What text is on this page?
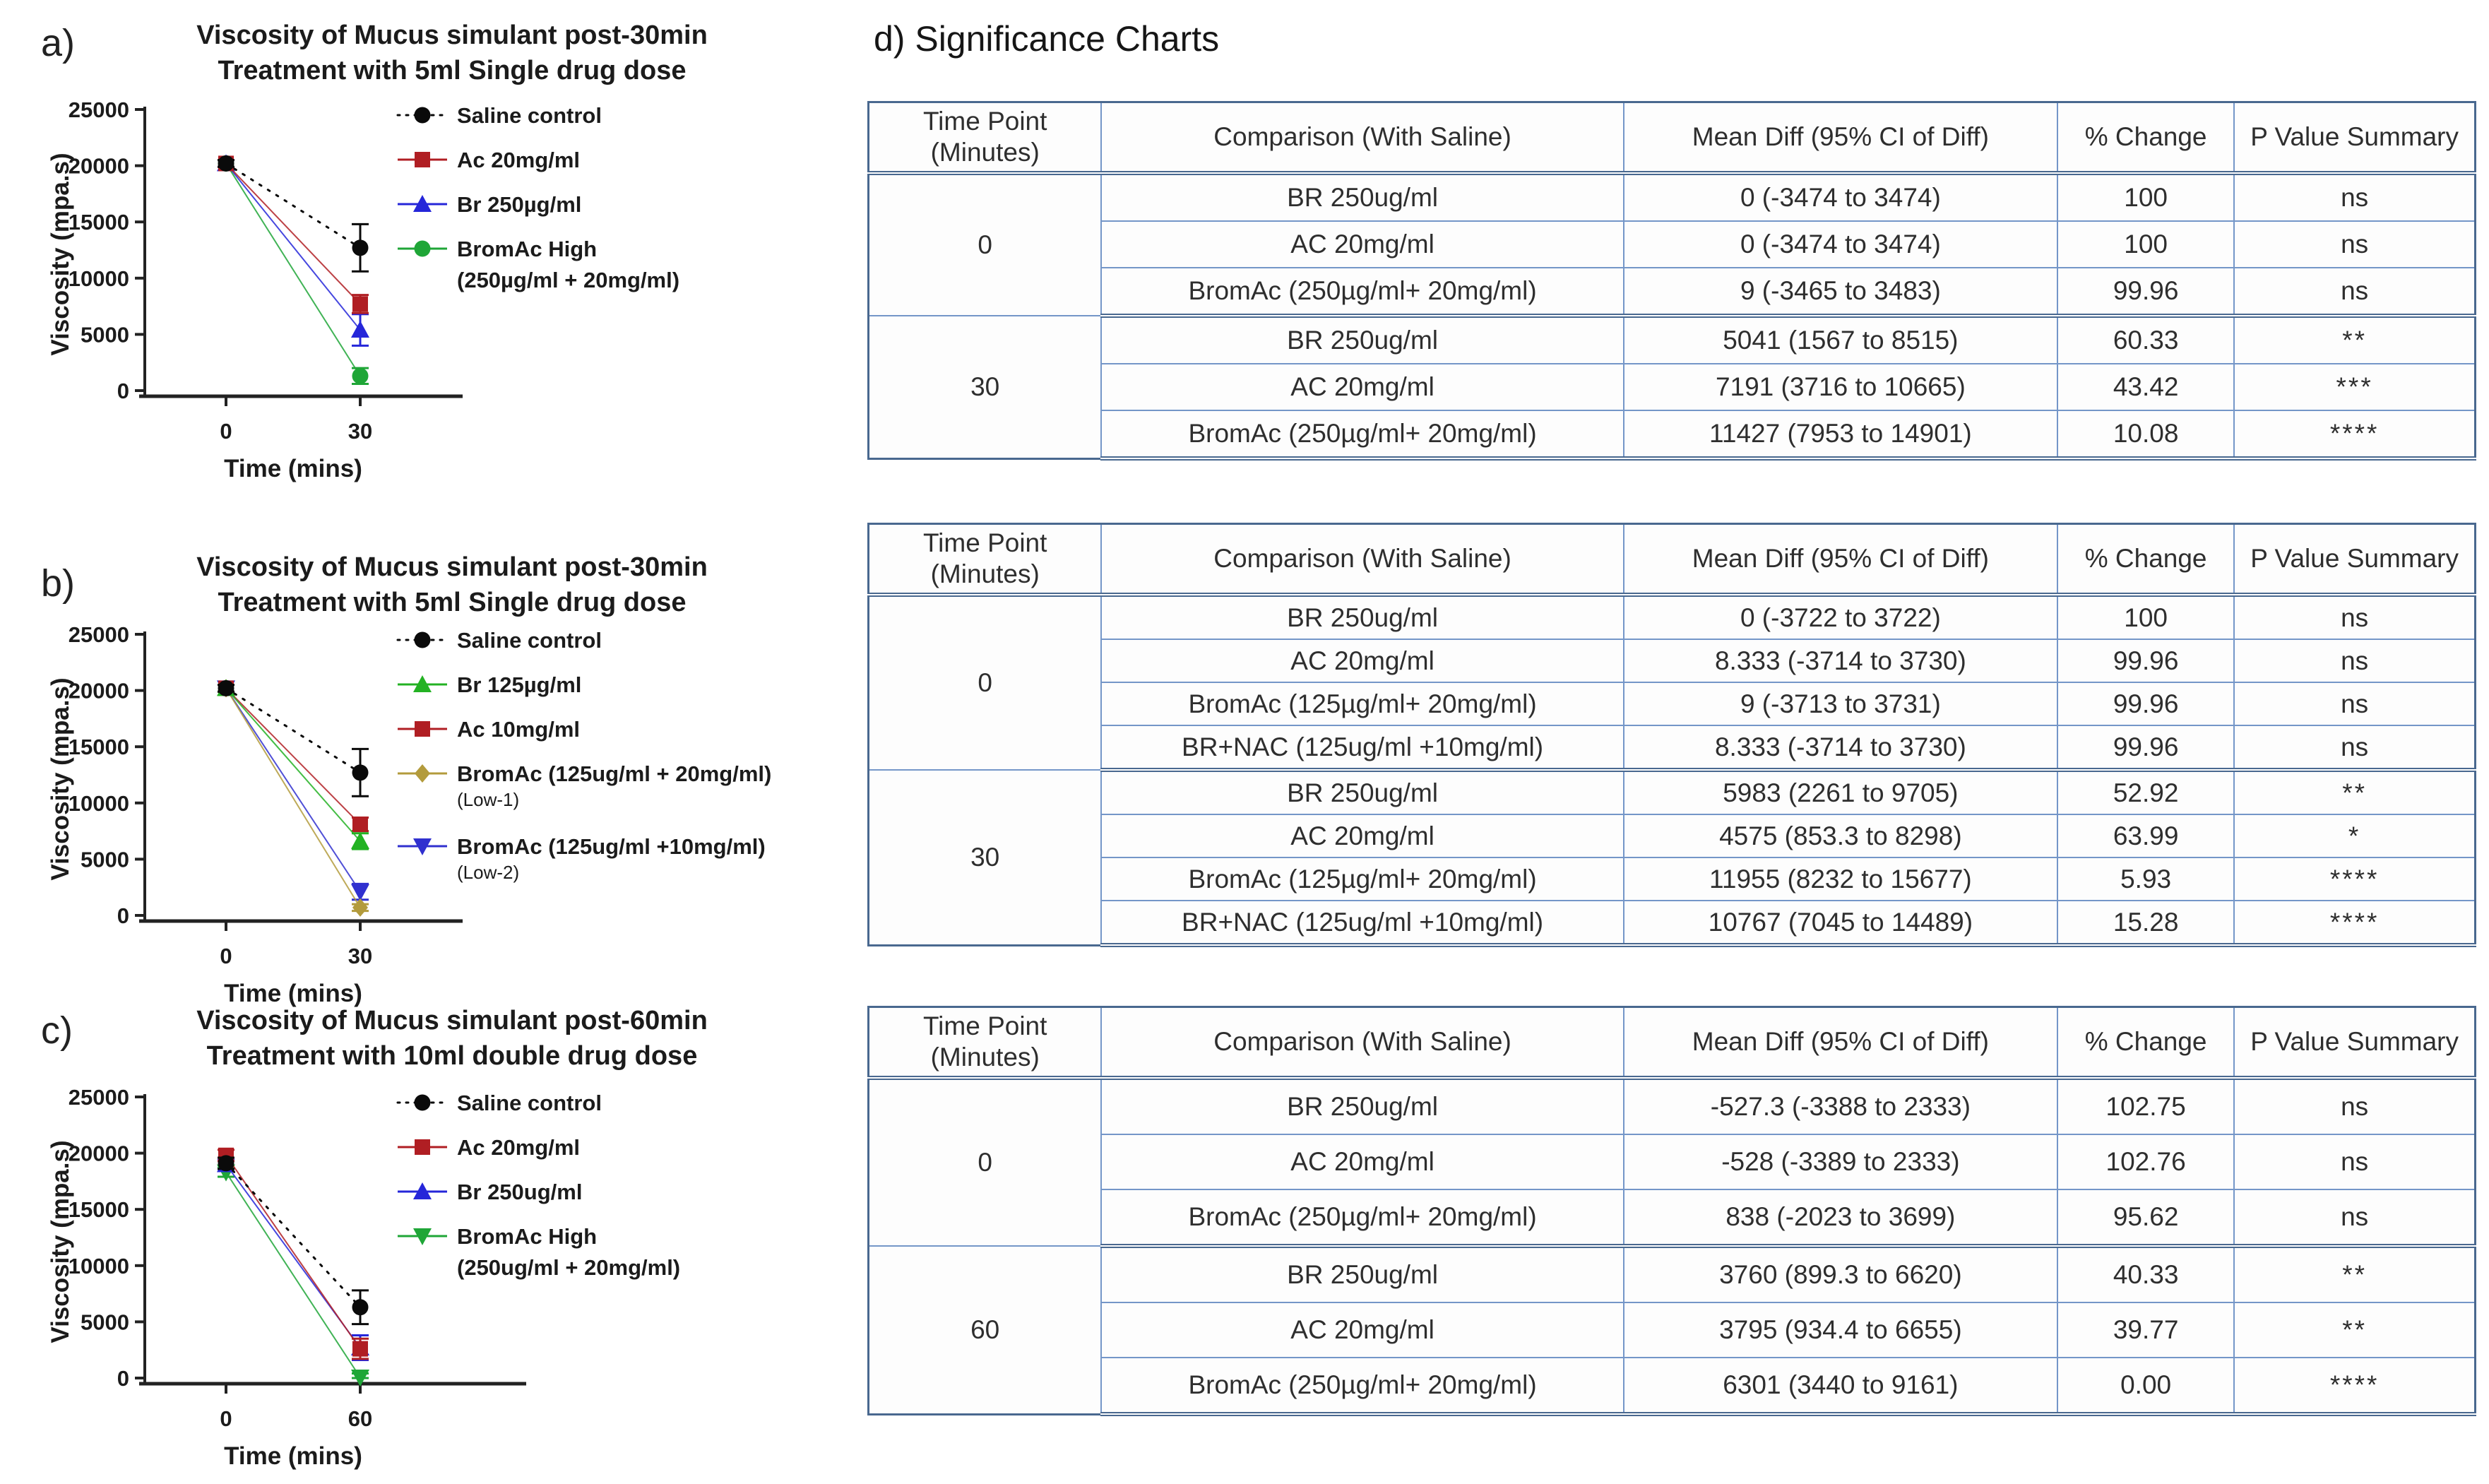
a)	Viscosity of Mucus simulant post-30min
Treatment with 5ml Single drug dose
0
5000
10000
15000
20000
25000
0	30
Time (mins)
Viscosity (mpa.s)
Saline control
Ac 20mg/ml
Br 250µg/ml
BromAc High
(250µg/ml + 20mg/ml)
b)	Viscosity of Mucus simulant post-30min
Treatment with 5ml Single drug dose
0
5000
10000
15000
20000
25000
0	30
Time (mins)
Viscosity (mpa.s)
Saline control
Br 125µg/ml
Ac 10mg/ml
BromAc (125ug/ml + 20mg/ml)
(Low-1)
BromAc (125ug/ml +10mg/ml)
(Low-2)
c)	Viscosity of Mucus simulant post-60min
Treatment with 10ml double drug dose
0
5000
10000
15000
20000
25000
0	60
Time (mins)
Viscosity (mpa.s)
Saline control
Ac 20mg/ml
Br 250ug/ml
BromAc High
(250ug/ml + 20mg/ml)
d) Significance Charts
Time Point (Minutes)	Comparison (With Saline)	Mean Diff (95% CI of Diff)	% Change	P Value Summary
0	BR 250ug/ml	0 (-3474 to 3474)	100	ns
	AC 20mg/ml	0 (-3474 to 3474)	100	ns
	BromAc (250µg/ml+ 20mg/ml)	9 (-3465 to 3483)	99.96	ns
30	BR 250ug/ml	5041 (1567 to 8515)	60.33	**
	AC 20mg/ml	7191 (3716 to 10665)	43.42	***
	BromAc (250µg/ml+ 20mg/ml)	11427 (7953 to 14901)	10.08	****
Time Point (Minutes)	Comparison (With Saline)	Mean Diff (95% CI of Diff)	% Change	P Value Summary
0	BR 250ug/ml	0 (-3722 to 3722)	100	ns
	AC 20mg/ml	8.333 (-3714 to 3730)	99.96	ns
	BromAc (125µg/ml+ 20mg/ml)	9 (-3713 to 3731)	99.96	ns
	BR+NAC (125ug/ml +10mg/ml)	8.333 (-3714 to 3730)	99.96	ns
30	BR 250ug/ml	5983 (2261 to 9705)	52.92	**
	AC 20mg/ml	4575 (853.3 to 8298)	63.99	*
	BromAc (125µg/ml+ 20mg/ml)	11955 (8232 to 15677)	5.93	****
	BR+NAC (125ug/ml +10mg/ml)	10767 (7045 to 14489)	15.28	****
Time Point (Minutes)	Comparison (With Saline)	Mean Diff (95% CI of Diff)	% Change	P Value Summary
0	BR 250ug/ml	-527.3 (-3388 to 2333)	102.75	ns
	AC 20mg/ml	-528 (-3389 to 2333)	102.76	ns
	BromAc (250µg/ml+ 20mg/ml)	838 (-2023 to 3699)	95.62	ns
60	BR 250ug/ml	3760 (899.3 to 6620)	40.33	**
	AC 20mg/ml	3795 (934.4 to 6655)	39.77	**
	BromAc (250µg/ml+ 20mg/ml)	6301 (3440 to 9161)	0.00	****
